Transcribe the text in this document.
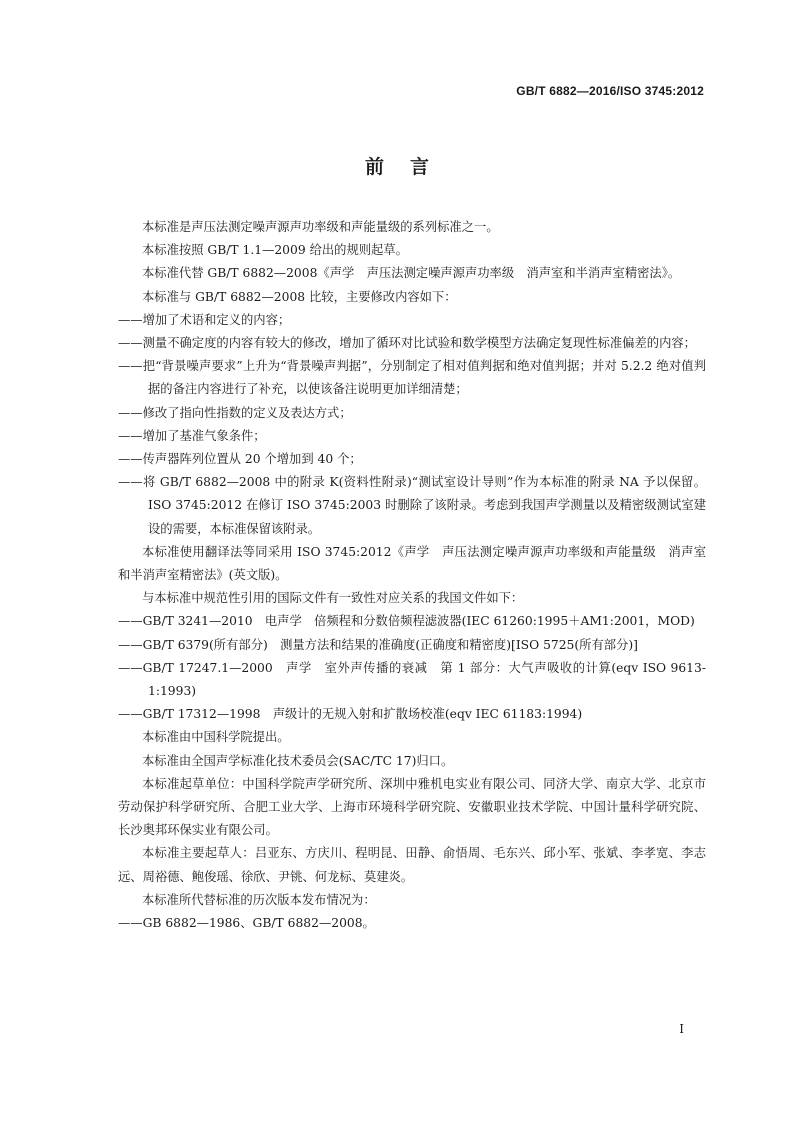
GB/T 6882—2016/ISO 3745:2012
前言

本标准是声压法测定噪声源声功率级和声能量级的系列标准之一。

本标准按照 GB/T 1.1—2009 给出的规则起草。

本标准代替 GB/T 6882—2008《声学　声压法测定噪声源声功率级　消声室和半消声室精密法》。

本标准与 GB/T 6882—2008 比较，主要修改内容如下：

——增加了术语和定义的内容；

——测量不确定度的内容有较大的修改，增加了循环对比试验和数学模型方法确定复现性标准偏差的内容；

——把“背景噪声要求”上升为“背景噪声判据”，分别制定了相对值判据和绝对值判据；并对 5.2.2 绝对值判据的备注内容进行了补充，以使该备注说明更加详细清楚；

——修改了指向性指数的定义及表达方式；

——增加了基准气象条件；

——传声器阵列位置从 20 个增加到 40 个；

——将 GB/T 6882—2008 中的附录 K(资料性附录)“测试室设计导则”作为本标准的附录 NA 予以保留。ISO 3745:2012 在修订 ISO 3745:2003 时删除了该附录。考虑到我国声学测量以及精密级测试室建设的需要，本标准保留该附录。

本标准使用翻译法等同采用 ISO 3745:2012《声学　声压法测定噪声源声功率级和声能量级　消声室和半消声室精密法》(英文版)。

与本标准中规范性引用的国际文件有一致性对应关系的我国文件如下：

——GB/T 3241—2010　电声学　倍频程和分数倍频程滤波器(IEC 61260:1995＋AM1:2001，MOD)

——GB/T 6379(所有部分)　测量方法和结果的准确度(正确度和精密度)[ISO 5725(所有部分)]

——GB/T 17247.1—2000　声学　室外声传播的衰减　第 1 部分：大气声吸收的计算(eqv ISO 9613-1:1993)

——GB/T 17312—1998　声级计的无规入射和扩散场校准(eqv IEC 61183:1994)

本标准由中国科学院提出。

本标准由全国声学标准化技术委员会(SAC/TC 17)归口。

本标准起草单位：中国科学院声学研究所、深圳中雅机电实业有限公司、同济大学、南京大学、北京市劳动保护科学研究所、合肥工业大学、上海市环境科学研究院、安徽职业技术学院、中国计量科学研究院、长沙奥邦环保实业有限公司。

本标准主要起草人：吕亚东、方庆川、程明昆、田静、俞悟周、毛东兴、邱小军、张斌、李孝宽、李志远、周裕德、鲍俊瑶、徐欣、尹铫、何龙标、莫建炎。

本标准所代替标准的历次版本发布情况为：

——GB 6882—1986、GB/T 6882—2008。

I
